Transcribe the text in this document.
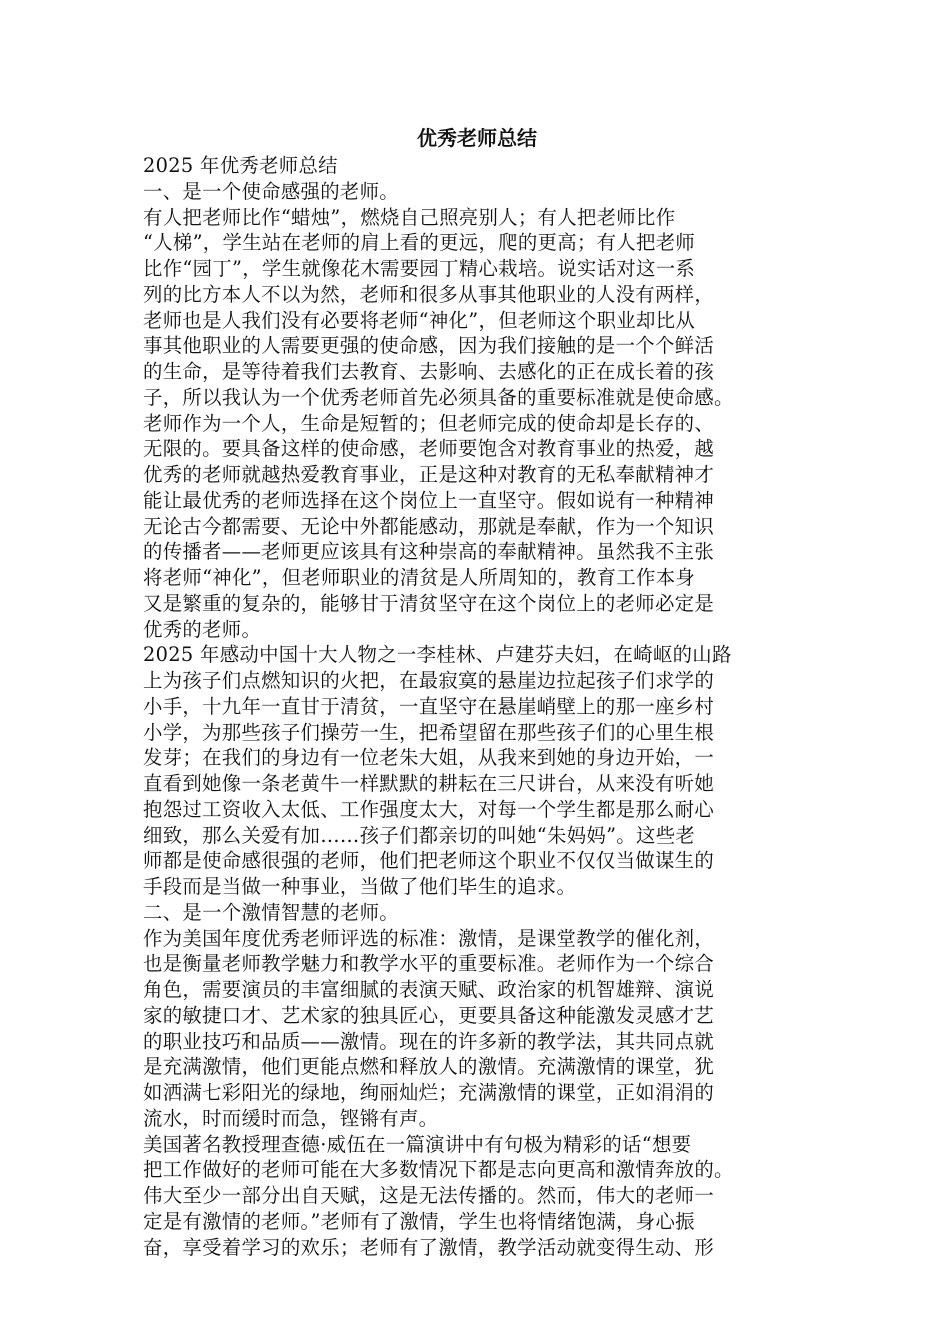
优秀老师总结

2025 年优秀老师总结

一、是一个使命感强的老师。

有人把老师比作“蜡烛”，燃烧自己照亮别人；有人把老师比作

“人梯”，学生站在老师的肩上看的更远，爬的更高；有人把老师

比作“园丁”，学生就像花木需要园丁精心栽培。说实话对这一系

列的比方本人不以为然，老师和很多从事其他职业的人没有两样，

老师也是人我们没有必要将老师“神化”，但老师这个职业却比从

事其他职业的人需要更强的使命感，因为我们接触的是一个个鲜活

的生命，是等待着我们去教育、去影响、去感化的正在成长着的孩

子，所以我认为一个优秀老师首先必须具备的重要标准就是使命感。

老师作为一个人，生命是短暂的；但老师完成的使命却是长存的、

无限的。要具备这样的使命感，老师要饱含对教育事业的热爱，越

优秀的老师就越热爱教育事业，正是这种对教育的无私奉献精神才

能让最优秀的老师选择在这个岗位上一直坚守。假如说有一种精神

无论古今都需要、无论中外都能感动，那就是奉献，作为一个知识

的传播者——老师更应该具有这种崇高的奉献精神。虽然我不主张

将老师“神化”，但老师职业的清贫是人所周知的，教育工作本身

又是繁重的复杂的，能够甘于清贫坚守在这个岗位上的老师必定是

优秀的老师。

2025 年感动中国十大人物之一李桂林、卢建芬夫妇，在崎岖的山路

上为孩子们点燃知识的火把，在最寂寞的悬崖边拉起孩子们求学的

小手，十九年一直甘于清贫，一直坚守在悬崖峭壁上的那一座乡村

小学，为那些孩子们操劳一生，把希望留在那些孩子们的心里生根

发芽；在我们的身边有一位老朱大姐，从我来到她的身边开始，一

直看到她像一条老黄牛一样默默的耕耘在三尺讲台，从来没有听她

抱怨过工资收入太低、工作强度太大，对每一个学生都是那么耐心

细致，那么关爱有加……孩子们都亲切的叫她“朱妈妈”。这些老

师都是使命感很强的老师，他们把老师这个职业不仅仅当做谋生的

手段而是当做一种事业，当做了他们毕生的追求。

二、是一个激情智慧的老师。

作为美国年度优秀老师评选的标准：激情，是课堂教学的催化剂，

也是衡量老师教学魅力和教学水平的重要标准。老师作为一个综合

角色，需要演员的丰富细腻的表演天赋、政治家的机智雄辩、演说

家的敏捷口才、艺术家的独具匠心，更要具备这种能激发灵感才艺

的职业技巧和品质——激情。现在的许多新的教学法，其共同点就

是充满激情，他们更能点燃和释放人的激情。充满激情的课堂，犹

如洒满七彩阳光的绿地，绚丽灿烂；充满激情的课堂，正如涓涓的

流水，时而缓时而急，铿锵有声。

美国著名教授理查德·威伍在一篇演讲中有句极为精彩的话“想要

把工作做好的老师可能在大多数情况下都是志向更高和激情奔放的。

伟大至少一部分出自天赋，这是无法传播的。然而，伟大的老师一

定是有激情的老师。”老师有了激情，学生也将情绪饱满，身心振

奋，享受着学习的欢乐；老师有了激情，教学活动就变得生动、形
